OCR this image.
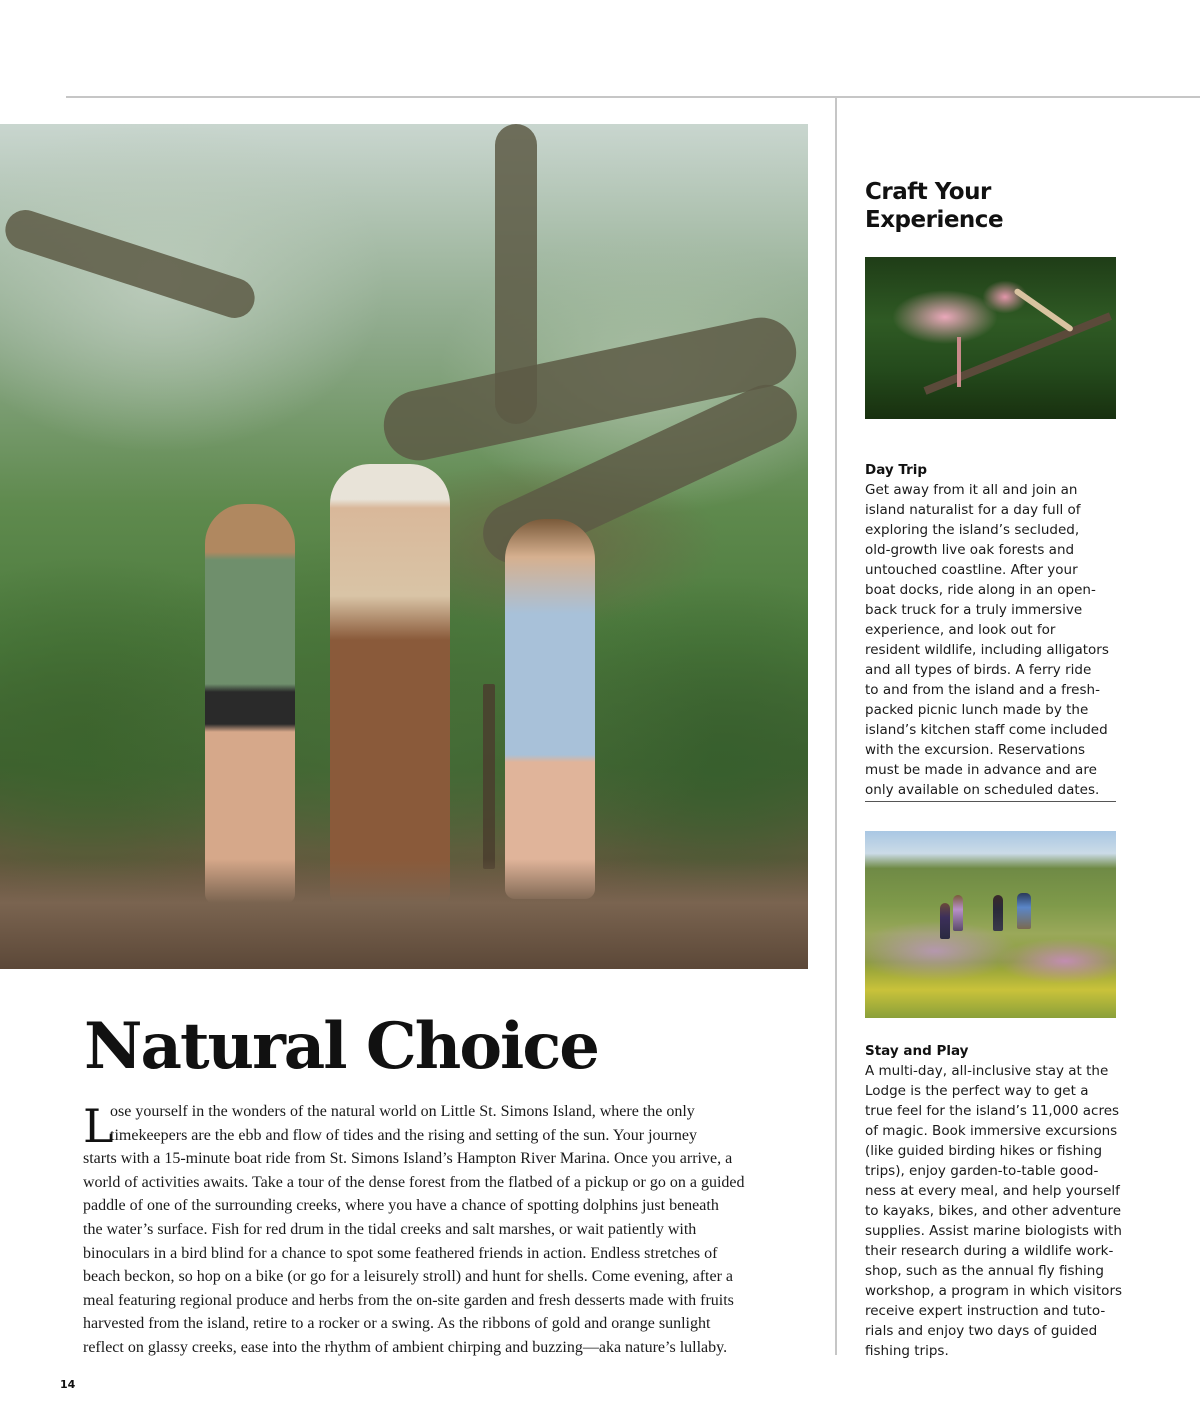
Natural Choice
L

ose yourself in the wonders of the natural world on Little St. Simons Island, where the only

timekeepers are the ebb and flow of tides and the rising and setting of the sun. Your journey

starts with a 15-minute boat ride from St. Simons Island’s Hampton River Marina. Once you arrive, a

world of activities awaits. Take a tour of the dense forest from the flatbed of a pickup or go on a guided

paddle of one of the surrounding creeks, where you have a chance of spotting dolphins just beneath

the water’s surface. Fish for red drum in the tidal creeks and salt marshes, or wait patiently with

binoculars in a bird blind for a chance to spot some feathered friends in action. Endless stretches of

beach beckon, so hop on a bike (or go for a leisurely stroll) and hunt for shells. Come evening, after a

meal featuring regional produce and herbs from the on-site garden and fresh desserts made with fruits

harvested from the island, retire to a rocker or a swing. As the ribbons of gold and orange sunlight

reflect on glassy creeks, ease into the rhythm of ambient chirping and buzzing—aka nature’s lullaby.

Craft Your Experience

Day Trip

Get away from it all and join an

island naturalist for a day full of

exploring the island’s secluded,

old-growth live oak forests and

untouched coastline. After your

boat docks, ride along in an open-

back truck for a truly immersive

experience, and look out for

resident wildlife, including alligators

and all types of birds. A ferry ride

to and from the island and a fresh-

packed picnic lunch made by the

island’s kitchen staff come included

with the excursion. Reservations

must be made in advance and are

only available on scheduled dates.

Stay and Play

A multi-day, all-inclusive stay at the

Lodge is the perfect way to get a

true feel for the island’s 11,000 acres

of magic. Book immersive excursions

(like guided birding hikes or fishing

trips), enjoy garden-to-table good-

ness at every meal, and help yourself

to kayaks, bikes, and other adventure

supplies. Assist marine biologists with

their research during a wildlife work-

shop, such as the annual fly fishing

workshop, a program in which visitors

receive expert instruction and tuto-

rials and enjoy two days of guided

fishing trips.

14
